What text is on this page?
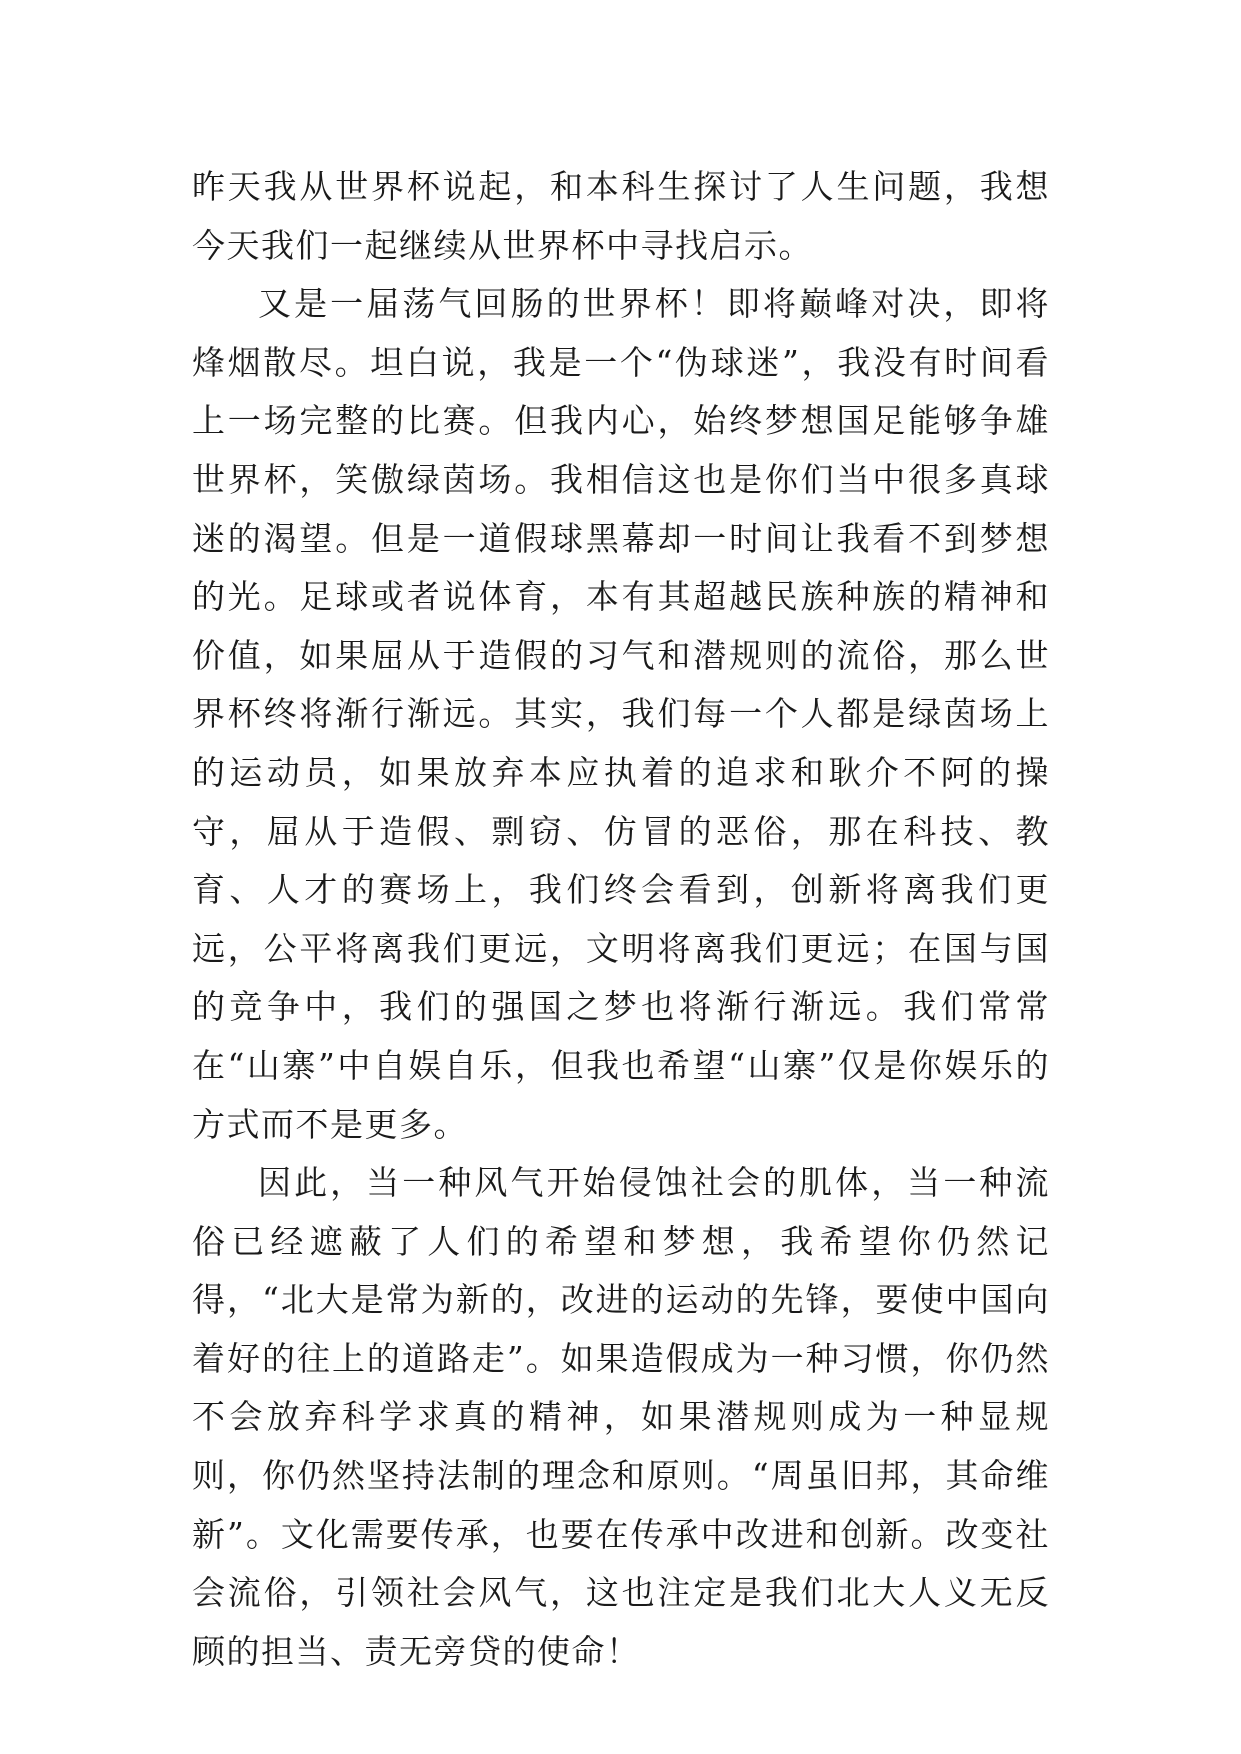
昨天我从世界杯说起，和本科生探讨了人生问题，我想今天我们一起继续从世界杯中寻找启示。

又是一届荡气回肠的世界杯！即将巅峰对决，即将烽烟散尽。坦白说，我是一个“伪球迷”，我没有时间看上一场完整的比赛。但我内心，始终梦想国足能够争雄世界杯，笑傲绿茵场。我相信这也是你们当中很多真球迷的渴望。但是一道假球黑幕却一时间让我看不到梦想的光。足球或者说体育，本有其超越民族种族的精神和价值，如果屈从于造假的习气和潜规则的流俗，那么世界杯终将渐行渐远。其实，我们每一个人都是绿茵场上的运动员，如果放弃本应执着的追求和耿介不阿的操守，屈从于造假、剽窃、仿冒的恶俗，那在科技、教育、人才的赛场上，我们终会看到，创新将离我们更远，公平将离我们更远，文明将离我们更远；在国与国的竞争中，我们的强国之梦也将渐行渐远。我们常常在“山寨”中自娱自乐，但我也希望“山寨”仅是你娱乐的方式而不是更多。

因此，当一种风气开始侵蚀社会的肌体，当一种流俗已经遮蔽了人们的希望和梦想，我希望你仍然记得，“北大是常为新的，改进的运动的先锋，要使中国向着好的往上的道路走”。如果造假成为一种习惯，你仍然不会放弃科学求真的精神，如果潜规则成为一种显规则，你仍然坚持法制的理念和原则。“周虽旧邦，其命维新”。文化需要传承，也要在传承中改进和创新。改变社会流俗，引领社会风气，这也注定是我们北大人义无反顾的担当、责无旁贷的使命！
